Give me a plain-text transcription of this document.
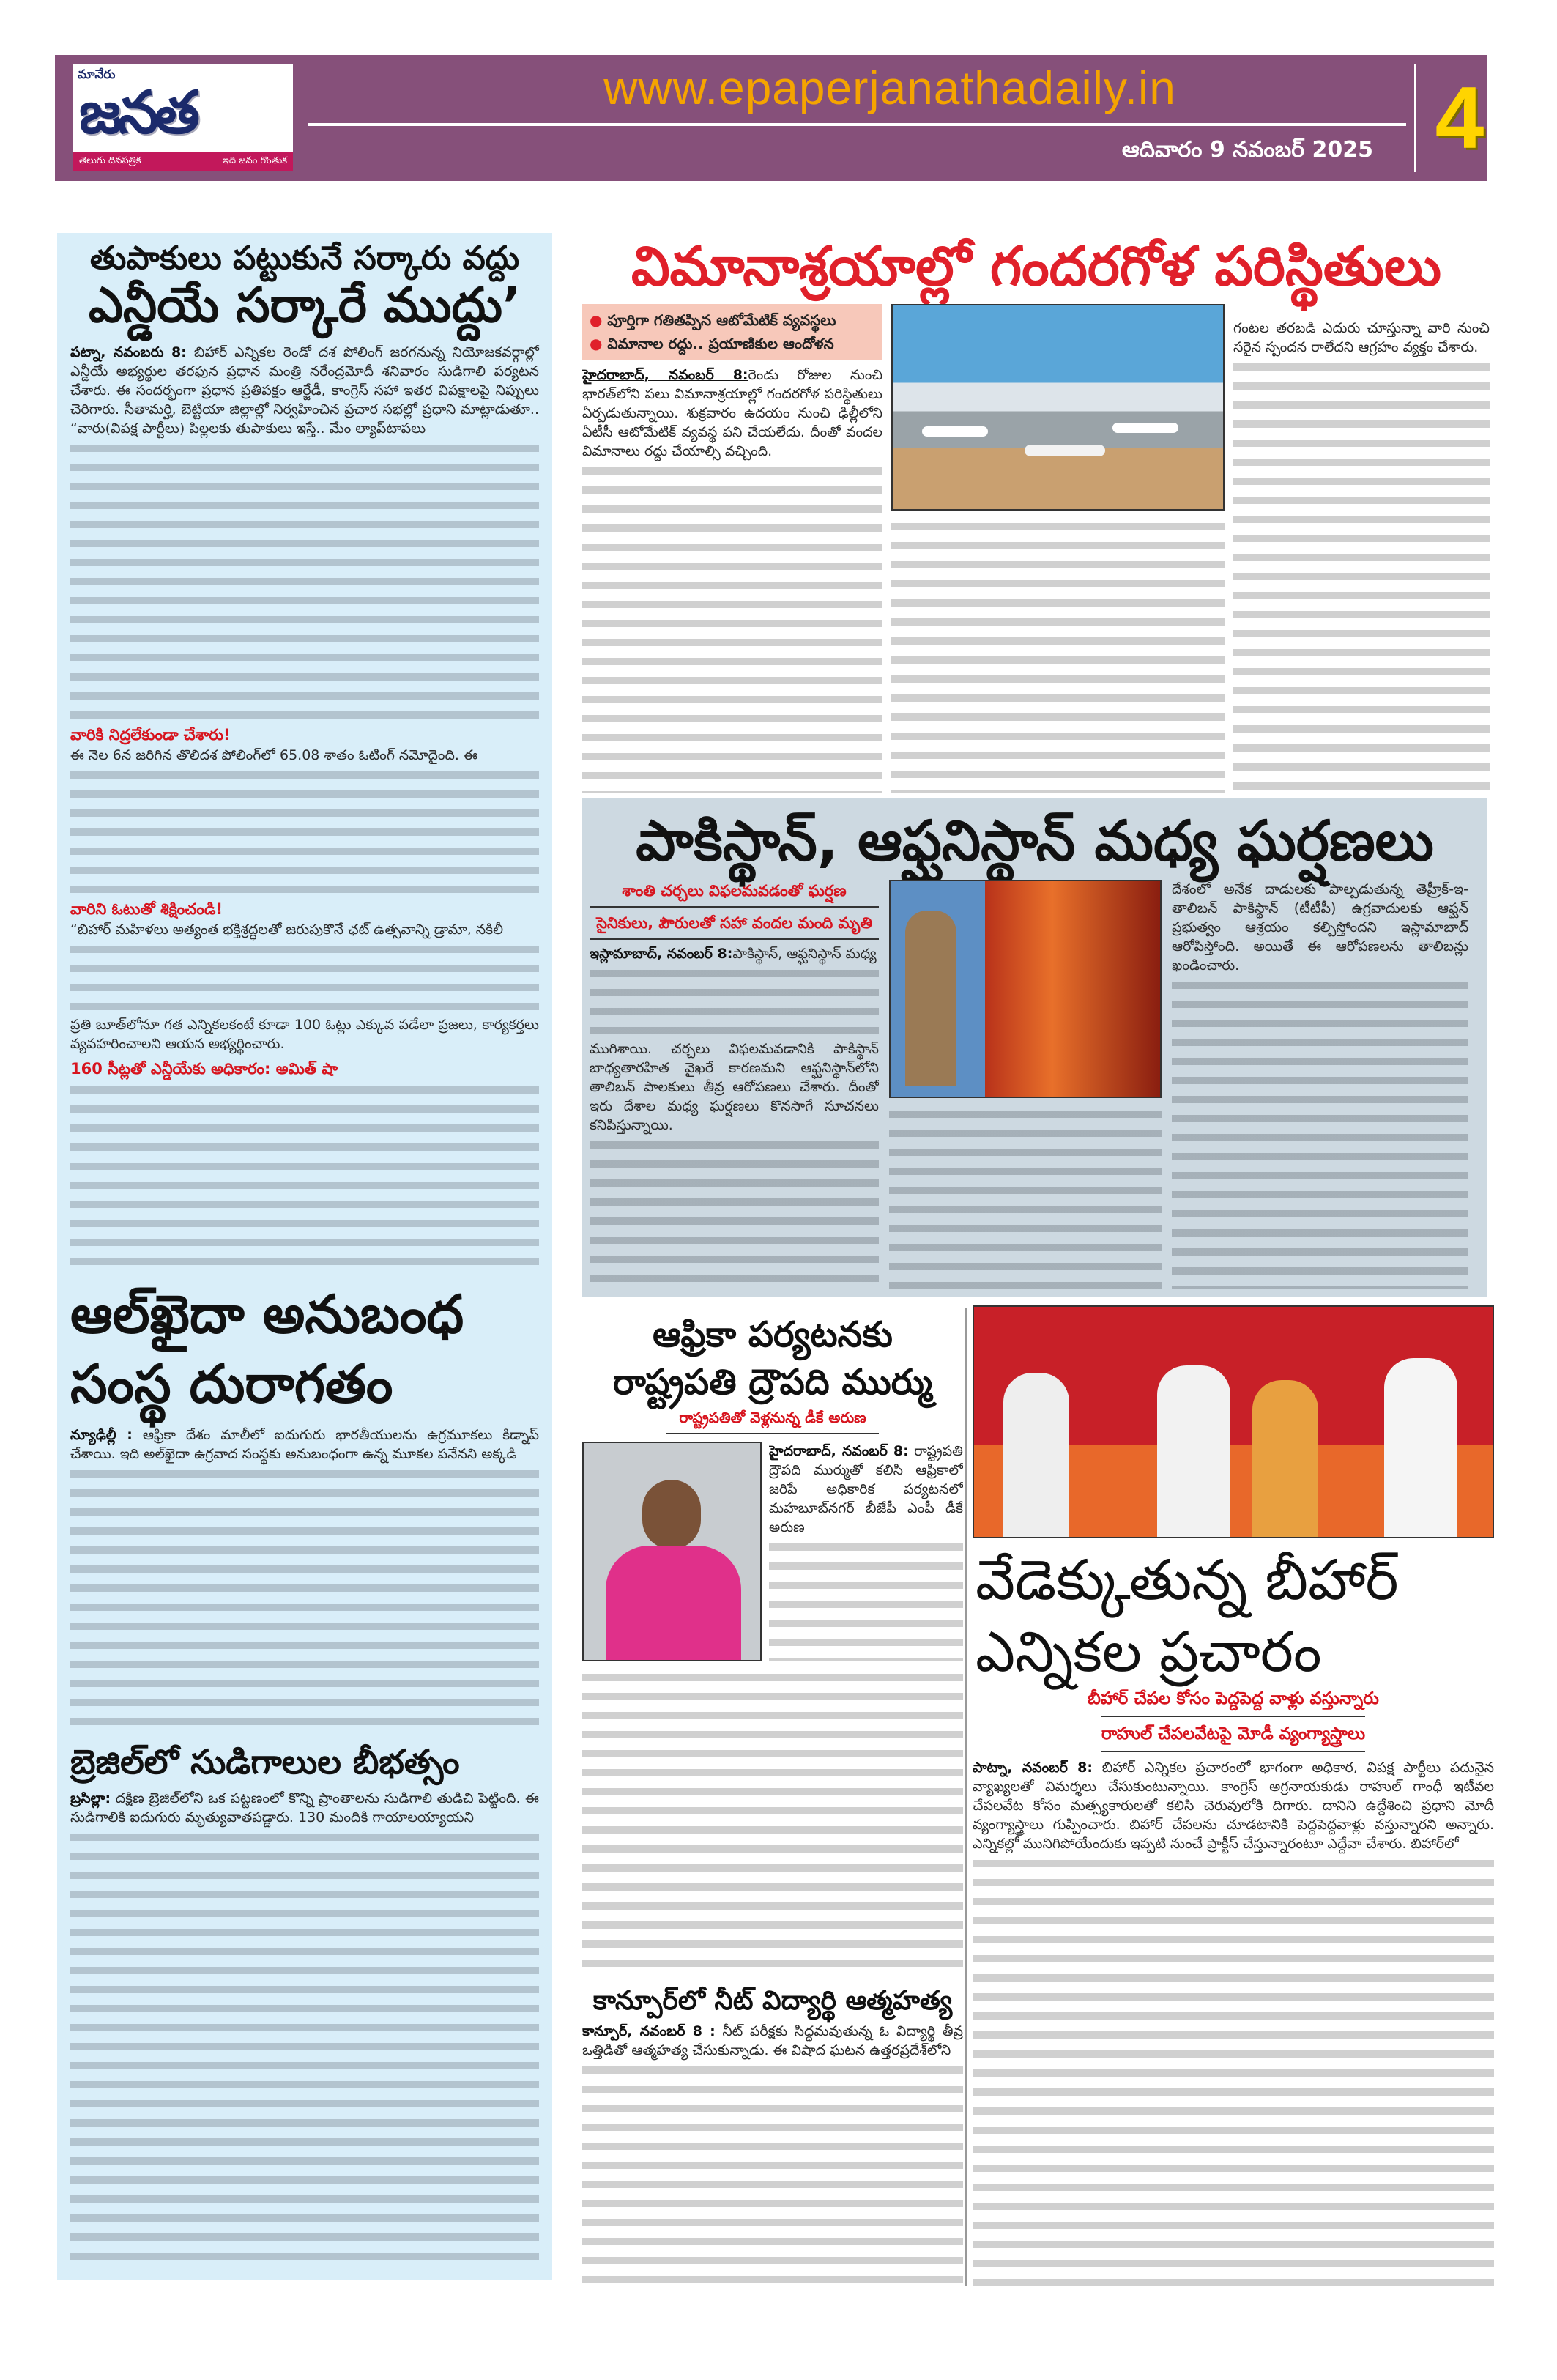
మానేరు
జనత
తెలుగు దినపత్రిక	ఇది జనం గొంతుక
www.epaperjanathadaily.in
ఆదివారం 9 నవంబర్ 2025 4
తుపాకులు పట్టుకునే సర్కారు వద్దు
ఎన్డీయే సర్కారే ముద్దు’

పట్నా, నవంబరు 8: బిహార్ ఎన్నికల రెండో దశ పోలింగ్ జరగనున్న నియోజకవర్గాల్లో ఎన్డీయే అభ్యర్థుల తరఫున ప్రధాన మంత్రి నరేంద్రమోదీ శనివారం సుడిగాలి పర్యటన చేశారు. ఈ సందర్భంగా ప్రధాన ప్రతిపక్షం ఆర్జేడీ, కాంగ్రెస్ సహా ఇతర విపక్షాలపై నిప్పులు చెరిగారు. సీతామర్హి, బెట్టియా జిల్లాల్లో నిర్వహించిన ప్రచార సభల్లో ప్రధాని మాట్లాడుతూ.. “వారు(విపక్ష పార్టీలు) పిల్లలకు తుపాకులు ఇస్తే.. మేం ల్యాప్‌టాపలు

వారికి నిద్రలేకుండా చేశారు!
ఈ నెల 6న జరిగిన తొలిదశ పోలింగ్‌లో 65.08 శాతం ఓటింగ్ నమోదైంది. ఈ
వారిని ఓటుతో శిక్షించండి!
“బిహార్ మహిళలు అత్యంత భక్తిశ్రద్ధలతో జరుపుకొనే ఛట్ ఉత్సవాన్ని డ్రామా, నకిలీ
ప్రతి బూత్‌లోనూ గత ఎన్నికలకంటే కూడా 100 ఓట్లు ఎక్కువ పడేలా ప్రజలు, కార్యకర్తలు వ్యవహరించాలని ఆయన అభ్యర్థించారు.
160 సీట్లతో ఎన్డీయేకు అధికారం: అమిత్ షా
ఆల్‌ఖైదా అనుబంధ
సంస్థ దురాగతం
న్యూఢిల్లీ : ఆఫ్రికా దేశం మాలీలో ఐదుగురు భారతీయులను ఉగ్రమూకలు కిడ్నాప్ చేశాయి. ఇది అల్‌ఖైదా ఉగ్రవాద సంస్థకు అనుబంధంగా ఉన్న మూకల పనేనని అక్కడి
బ్రెజిల్‌లో సుడిగాలుల బీభత్సం
బ్రసిల్లా: దక్షిణ బ్రెజిల్‌లోని ఒక పట్టణంలో కొన్ని ప్రాంతాలను సుడిగాలి తుడిచి పెట్టింది. ఈ సుడిగాలికి ఐదుగురు మృత్యువాతపడ్డారు. 130 మందికి గాయాలయ్యాయని
విమానాశ్రయాల్లో గందరగోళ పరిస్థితులు
● పూర్తిగా గతితప్పిన ఆటోమేటిక్ వ్యవస్థలు
● విమానాల రద్దు.. ప్రయాణికుల ఆందోళన
హైదరాబాద్, నవంబర్ 8:రెండు రోజుల నుంచి భారత్‌లోని పలు విమానాశ్రయాల్లో గందరగోళ పరిస్థితులు ఏర్పడుతున్నాయి. శుక్రవారం ఉదయం నుంచి ఢిల్లీలోని ఏటీసీ ఆటోమేటిక్ వ్యవస్థ పని చేయలేదు. దీంతో వందల విమానాలు రద్దు చేయాల్సి వచ్చింది.
గంటల తరబడి ఎదురు చూస్తున్నా వారి నుంచి సరైన స్పందన రాలేదని ఆగ్రహం వ్యక్తం చేశారు.
పాకిస్థాన్, ఆఫ్ఘనిస్థాన్ మధ్య ఘర్షణలు
శాంతి చర్చలు విఫలమవడంతో ఘర్షణ
సైనికులు, పౌరులతో సహా వందల మంది మృతి
ఇస్లామాబాద్, నవంబర్ 8:పాకిస్థాన్, ఆఫ్ఘనిస్థాన్ మధ్య
ముగిశాయి. చర్చలు విఫలమవడానికి పాకిస్థాన్ బాధ్యతారహిత వైఖరే కారణమని ఆఫ్ఘనిస్థాన్‌లోని తాలిబన్ పాలకులు తీవ్ర ఆరోపణలు చేశారు. దీంతో ఇరు దేశాల మధ్య ఘర్షణలు కొనసాగే సూచనలు కనిపిస్తున్నాయి.
దేశంలో అనేక దాడులకు పాల్పడుతున్న తెహ్రీక్-ఇ-తాలిబన్ పాకిస్థాన్ (టీటీపీ) ఉగ్రవాదులకు ఆఫ్ఘన్ ప్రభుత్వం ఆశ్రయం కల్పిస్తోందని ఇస్లామాబాద్ ఆరోపిస్తోంది. అయితే ఈ ఆరోపణలను తాలిబన్లు ఖండించారు.
ఆఫ్రికా పర్యటనకు
రాష్ట్రపతి ద్రౌపది ముర్ము
రాష్ట్రపతితో వెళ్లనున్న డీకే అరుణ
హైదరాబాద్, నవంబర్ 8: రాష్ట్రపతి ద్రౌపది ముర్ముతో కలిసి ఆఫ్రికాలో జరిపే అధికారిక పర్యటనలో మహబూబ్‌నగర్ బీజేపీ ఎంపీ డీకే అరుణ
కాన్పూర్‌లో నీట్ విద్యార్థి ఆత్మహత్య
కాన్పూర్, నవంబర్ 8 : నీట్ పరీక్షకు సిద్ధమవుతున్న ఓ విద్యార్థి తీవ్ర ఒత్తిడితో ఆత్మహత్య చేసుకున్నాడు. ఈ విషాద ఘటన ఉత్తరప్రదేశ్‌లోని
వేడెక్కుతున్న బీహార్
ఎన్నికల ప్రచారం
బీహార్ చేపల కోసం పెద్దపెద్ద వాళ్లు వస్తున్నారు
రాహుల్ చేపలవేటపై మోడీ వ్యంగ్యాస్త్రాలు
పాట్నా, నవంబర్ 8: బిహార్ ఎన్నికల ప్రచారంలో భాగంగా అధికార, విపక్ష పార్టీలు పదునైన వ్యాఖ్యలతో విమర్శలు చేసుకుంటున్నాయి. కాంగ్రెస్ అగ్రనాయకుడు రాహుల్ గాంధీ ఇటీవల చేపలవేట కోసం మత్స్యకారులతో కలిసి చెరువులోకి దిగారు. దానిని ఉద్దేశించి ప్రధాని మోదీ వ్యంగ్యాస్త్రాలు గుప్పించారు. బిహార్ చేపలను చూడటానికి పెద్దపెద్దవాళ్లు వస్తున్నారని అన్నారు. ఎన్నికల్లో మునిగిపోయేందుకు ఇప్పటి నుంచే ప్రాక్టీస్ చేస్తున్నారంటూ ఎద్దేవా చేశారు. బిహార్‌లో
